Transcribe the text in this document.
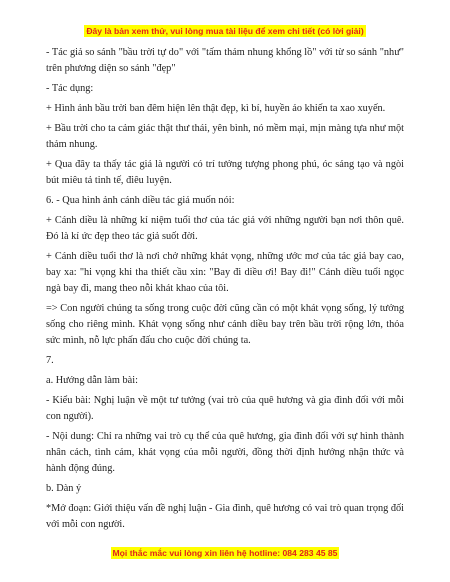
Đây là bản xem thử, vui lòng mua tài liệu để xem chi tiết (có lời giải)

- Tác giả so sánh "bầu trời tự do" với "tấm thảm nhung khổng lồ" với từ so sánh "như" trên phương diện so sánh "đẹp"

- Tác dụng:

+ Hình ảnh bầu trời ban đêm hiện lên thật đẹp, kì bí, huyền ảo khiến ta xao xuyến.

+ Bầu trời cho ta cảm giác thật thư thái, yên bình, nó mềm mại, mịn màng tựa như một thảm nhung.

+ Qua đây ta thấy tác giả là người có trí tưởng tượng phong phú, óc sáng tạo và ngòi bút miêu tả tinh tế, điêu luyện.

6. - Qua hình ảnh cánh diều tác giả muốn nói:

+ Cánh diều là những kỉ niệm tuổi thơ của tác giả với những người bạn nơi thôn quê. Đó là kí ức đẹp theo tác giả suốt đời.

+ Cánh diều tuổi thơ là nơi chở những khát vọng, những ước mơ của tác giả bay cao, bay xa: "hi vọng khi tha thiết cầu xin: "Bay đi diều ơi! Bay đi!" Cánh diều tuổi ngọc ngà bay đi, mang theo nỗi khát khao của tôi.

=> Con người chúng ta sống trong cuộc đời cũng cần có một khát vọng sống, lý tưởng sống cho riêng mình. Khát vọng sống như cánh diều bay trên bầu trời rộng lớn, thỏa sức mình, nỗ lực phấn đấu cho cuộc đời chúng ta.

7.

a. Hướng dẫn làm bài:

- Kiểu bài: Nghị luận về một tư tưởng (vai trò của quê hương và gia đình đối với mỗi con người).

- Nội dung: Chỉ ra những vai trò cụ thể của quê hương, gia đình đối với sự hình thành nhân cách, tình cảm, khát vọng của mỗi người, đồng thời định hướng nhận thức và hành động đúng.

b. Dàn ý

*Mở đoạn: Giới thiệu vấn đề nghị luận - Gia đình, quê hương có vai trò quan trọng đối với mỗi con người.

Mọi thắc mắc vui lòng xin liên hệ hotline: 084 283 45 85
